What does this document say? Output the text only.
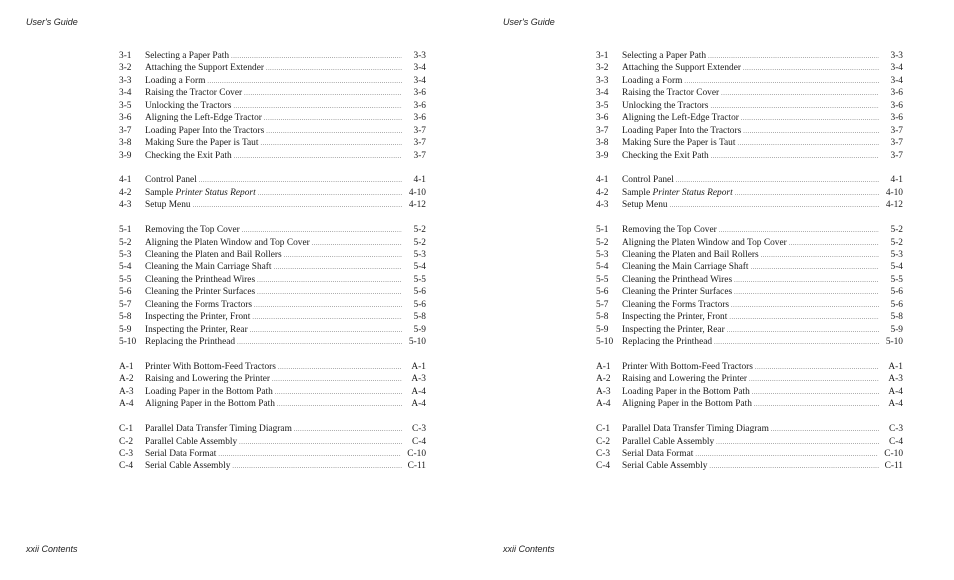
User's Guide
3-1	Selecting a Paper Path .....	3-3
3-2	Attaching the Support Extender .....	3-4
3-3	Loading a Form .....	3-4
3-4	Raising the Tractor Cover .....	3-6
3-5	Unlocking the Tractors .....	3-6
3-6	Aligning the Left-Edge Tractor .....	3-6
3-7	Loading Paper Into the Tractors .....	3-7
3-8	Making Sure the Paper is Taut .....	3-7
3-9	Checking the Exit Path .....	3-7
4-1	Control Panel .....	4-1
4-2	Sample Printer Status Report .....	4-10
4-3	Setup Menu .....	4-12
5-1	Removing the Top Cover .....	5-2
5-2	Aligning the Platen Window and Top Cover .....	5-2
5-3	Cleaning the Platen and Bail Rollers .....	5-3
5-4	Cleaning the Main Carriage Shaft .....	5-4
5-5	Cleaning the Printhead Wires .....	5-5
5-6	Cleaning the Printer Surfaces .....	5-6
5-7	Cleaning the Forms Tractors .....	5-6
5-8	Inspecting the Printer, Front .....	5-8
5-9	Inspecting the Printer, Rear .....	5-9
5-10 Replacing the Printhead .....	5-10
A-1	Printer With Bottom-Feed Tractors .....	A-1
A-2	Raising and Lowering the Printer .....	A-3
A-3	Loading Paper in the Bottom Path .....	A-4
A-4	Aligning Paper in the Bottom Path .....	A-4
C-1	Parallel Data Transfer Timing Diagram .....	C-3
C-2	Parallel Cable Assembly .....	C-4
C-3	Serial Data Format .....	C-10
C-4	Serial Cable Assembly .....	C-11
xxii Contents
User's Guide
3-1	Selecting a Paper Path .....	3-3
3-2	Attaching the Support Extender .....	3-4
3-3	Loading a Form .....	3-4
3-4	Raising the Tractor Cover .....	3-6
3-5	Unlocking the Tractors .....	3-6
3-6	Aligning the Left-Edge Tractor .....	3-6
3-7	Loading Paper Into the Tractors .....	3-7
3-8	Making Sure the Paper is Taut .....	3-7
3-9	Checking the Exit Path .....	3-7
4-1	Control Panel .....	4-1
4-2	Sample Printer Status Report .....	4-10
4-3	Setup Menu .....	4-12
5-1	Removing the Top Cover .....	5-2
5-2	Aligning the Platen Window and Top Cover .....	5-2
5-3	Cleaning the Platen and Bail Rollers .....	5-3
5-4	Cleaning the Main Carriage Shaft .....	5-4
5-5	Cleaning the Printhead Wires .....	5-5
5-6	Cleaning the Printer Surfaces .....	5-6
5-7	Cleaning the Forms Tractors .....	5-6
5-8	Inspecting the Printer, Front .....	5-8
5-9	Inspecting the Printer, Rear .....	5-9
5-10 Replacing the Printhead .....	5-10
A-1	Printer With Bottom-Feed Tractors .....	A-1
A-2	Raising and Lowering the Printer .....	A-3
A-3	Loading Paper in the Bottom Path .....	A-4
A-4	Aligning Paper in the Bottom Path .....	A-4
C-1	Parallel Data Transfer Timing Diagram .....	C-3
C-2	Parallel Cable Assembly .....	C-4
C-3	Serial Data Format .....	C-10
C-4	Serial Cable Assembly .....	C-11
xxii Contents
